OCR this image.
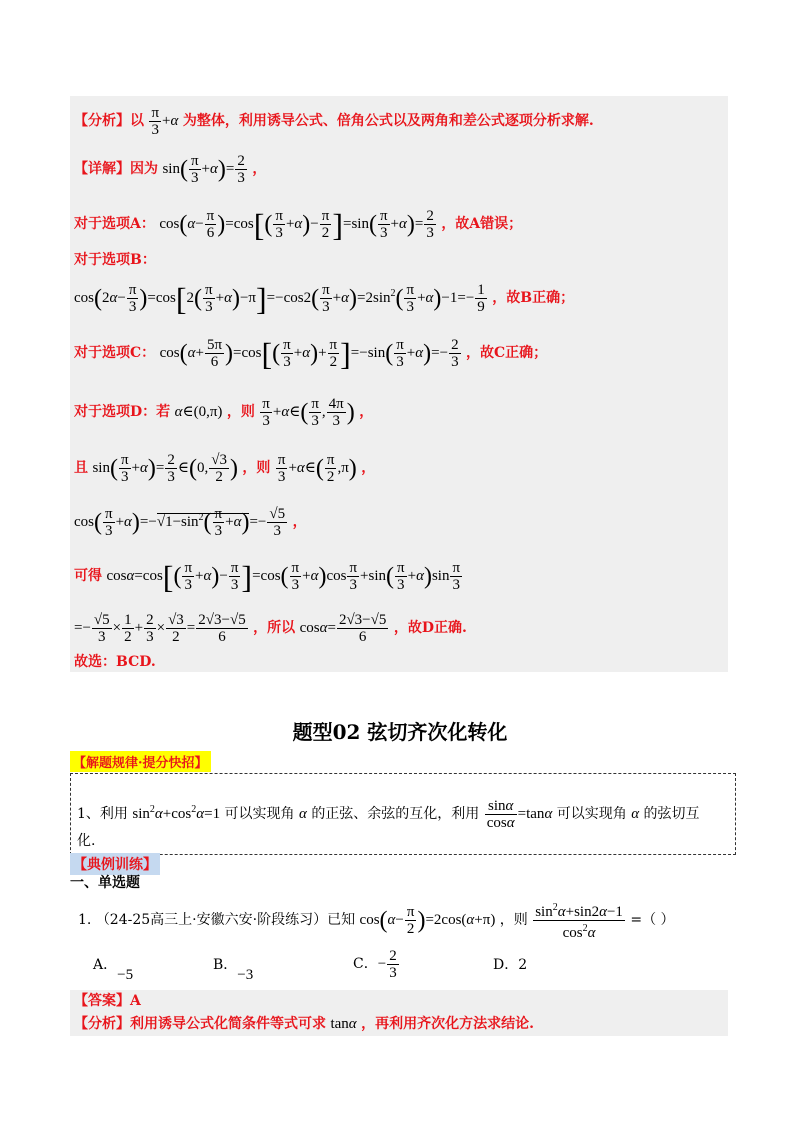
【分析】以 $\frac{\pi}{3} +\alpha$ 为整体，利用诱导公式、倍角公式以及两角和差公式逐项分析求解.
【详解】因为 $\sin( \frac{\pi}{3} +\alpha)= \frac{2}{3}$ ，
对于选项A： $\cos(\alpha- \frac{\pi}{6} )=\cos[( \frac{\pi}{3} +\alpha)- \frac{\pi}{2} ]=\sin( \frac{\pi}{3} +\alpha)= \frac{2}{3}$ ，故A错误；
对于选项B：
$\cos(2\alpha- \frac{\pi}{3} )=\cos[2( \frac{\pi}{3} +\alpha)-\pi]=-\cos 2( \frac{\pi}{3} +\alpha)=2\sin^2( \frac{\pi}{3} +\alpha)-1=- \frac{1}{9}$ ，故B正确；
对于选项C： $\cos(\alpha+ \frac{5\pi}{6} )=\cos[( \frac{\pi}{3} +\alpha)+ \frac{\pi}{2} ]=-\sin( \frac{\pi}{3} +\alpha)=- \frac{2}{3}$ ，故C正确；
对于选项D：若 α∈(0,π) ，则 $\frac{\pi}{3}$ +α∈( $\frac{\pi}{3}$ , $\frac{4\pi}{3}$ ) ，
且 $\sin( \frac{\pi}{3} +\alpha)= \frac{2}{3}$ ∈(0, $\frac{√3}{2}$ ) ，则 $\frac{\pi}{3}$ +α∈( $\frac{\pi}{2} ,\pi$) ，
$\cos( \frac{\pi}{3} +\alpha)=-√1-\sin^2( \frac{\pi}{3} +\alpha)=- \frac{√5}{3}$ ，
可得 $\cos\alpha=\cos[( \frac{\pi}{3} +\alpha)- \frac{\pi}{3} ]=\cos( \frac{\pi}{3} +\alpha)\cos \frac{\pi}{3} +\sin( \frac{\pi}{3} +\alpha)\sin \frac{\pi}{3}$
=− $\frac{√5}{3} \times \frac{1}{2} + \frac{2}{3} \times \frac{√3}{2} = \frac{2√3-√5}{6}$ ，所以 $\cos\alpha= \frac{2√3-√5}{6}$ ，故D正确.
故选：BCD.
题型02 弦切齐次化转化
【解题规律·提分快招】
1、利用 $\sin^2\alpha+\cos^2\alpha=1$ 可以实现角 α 的正弦、余弦的互化，利用 $\frac{\sin\alpha}{\cos\alpha} =\tan\alpha$ 可以实现角 α 的弦切互
化.
【典例训练】
一、单选题
1. （24-25高三上·安徽六安·阶段练习）已知 $\cos(\alpha- \frac{\pi}{2} )=2\cos(\alpha+\pi)$ ，则 $\frac{\sin^2\alpha+\sin 2\alpha-1}{\cos^2\alpha}$ =（ ）
A．−5
B．−3
C．− $\frac{2}{3}$	D．2
【答案】A
【分析】利用诱导公式化简条件等式可求 tanα ，再利用齐次化方法求结论.
